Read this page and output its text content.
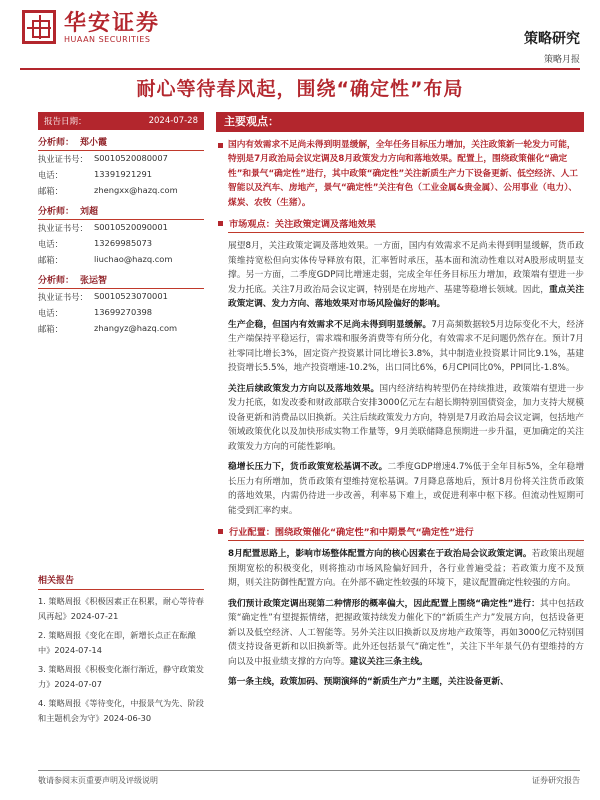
华安证券
HUAAN SECURITIES	策略研究
策略月报
耐心等待春风起，围绕“确定性”布局
报告日期：	2024-07-28
分析师： 郑小霞
执业证书号： S0010520080007
电话：	13391921291
邮箱：	zhengxx@hazq.com
分析师： 刘超
执业证书号： S0010520090001
电话：	13269985073
邮箱：	liuchao@hazq.com
分析师： 张运智
执业证书号： S0010523070001
电话：	13699270398
邮箱：	zhangyz@hazq.com
相关报告
1. 策略周报《积极因素正在积累，耐心等待春风再起》2024-07-21
2. 策略周报《变化在即，新增长点正在酝酿中》2024-07-14
3. 策略周报《积极变化渐行渐近，静守政策发力》2024-07-07
4. 策略周报《等待变化，中报景气为先、阶段和主题机会为守》2024-06-30
主要观点：
国内有效需求不足尚未得到明显缓解，全年任务目标压力增加，关注政策新一轮发力可能，特别是7月政治局会议定调及8月政策发力方向和落地效果。配置上，围绕政策催化“确定性”和景气“确定性”进行，其中政策“确定性”关注新质生产力下设备更新、低空经济、人工智能以及汽车、房地产，景气“确定性”关注有色（工业金属&贵金属）、公用事业（电力）、煤炭、农牧（生猪）。
市场观点：关注政策定调及落地效果
展望8月，关注政策定调及落地效果。一方面，国内有效需求不足尚未得到明显缓解，货币政策维持宽松但向实体传导释放有限，汇率暂时承压，基本面和流动性难以对A股形成明显支撑。另一方面，二季度GDP同比增速走弱，完成全年任务目标压力增加，政策端有望进一步发力托底。关注7月政治局会议定调，特别是在房地产、基建等稳增长领域。因此，重点关注政策定调、发力方向、落地效果对市场风险偏好的影响。
生产企稳，但国内有效需求不足尚未得到明显缓解。7月高频数据较5月边际变化不大，经济生产端保持平稳运行，需求端和服务消费等有所分化，有效需求不足问题仍然存在。预计7月社零同比增长3%，固定资产投资累计同比增长3.8%，其中制造业投资累计同比9.1%，基建投资增长5.5%，地产投资增速-10.2%，出口同比6%，6月CPI同比0%，PPI同比-1.8%。
关注后续政策发力方向以及落地效果。国内经济结构转型仍在持续推进，政策端有望进一步发力托底，如发改委和财政部联合安排3000亿元左右超长期特别国债资金，加力支持大规模设备更新和消费品以旧换新。关注后续政策发力方向，特别是7月政治局会议定调，包括地产领域政策优化以及加快形成实物工作量等，9月美联储降息预期进一步升温，更加确定的关注政策发力方向的可能性影响。
稳增长压力下，货币政策宽松基调不改。二季度GDP增速4.7%低于全年目标5%，全年稳增长压力有所增加，货币政策有望维持宽松基调。7月降息落地后，预计8月份将关注货币政策的落地效果，内需仍待进一步改善，利率易下难上，或促进利率中枢下移。但流动性短期可能受到汇率约束。
行业配置：围绕政策催化“确定性”和中期景气“确定性”进行
8月配置思路上，影响市场整体配置方向的核心因素在于政治局会议政策定调。若政策出现超预期宽松的积极变化，则将推动市场风险偏好回升，各行业普遍受益；若政策力度不及预期，则关注防御性配置方向。在外部不确定性较强的环境下，建议配置确定性较强的方向。
我们预计政策定调出现第二种情形的概率偏大，因此配置上围绕“确定性”进行：其中包括政策“确定性”有望提振情绪，把握政策持续发力催化下的“新质生产力”发展方向，包括设备更新以及低空经济、人工智能等。另外关注以旧换新以及房地产政策等，再如3000亿元特别国债支持设备更新和以旧换新等。此外还包括景气“确定性”，关注下半年景气仍有望维持的方向以及中报业绩支撑的方向等。建议关注三条主线。
第一条主线，政策加码、预期演绎的“新质生产力”主题，关注设备更新、
敬请参阅末页重要声明及评级说明	证券研究报告
